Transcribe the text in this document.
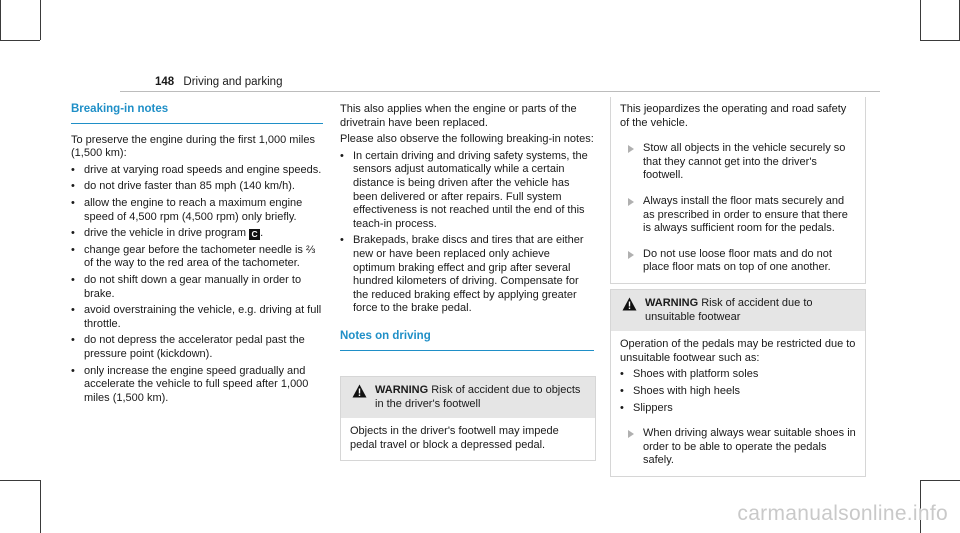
148 Driving and parking
Breaking-in notes

To preserve the engine during the first 1,000 miles (1,500 km):

• drive at varying road speeds and engine speeds.
• do not drive faster than 85 mph (140 km/h).
• allow the engine to reach a maximum engine speed of 4,500 rpm (4,500 rpm) only briefly.
• drive the vehicle in drive program C .
• change gear before the tachometer needle is ⅔ of the way to the red area of the tachometer.
• do not shift down a gear manually in order to brake.
• avoid overstraining the vehicle, e.g. driving at full throttle.
• do not depress the accelerator pedal past the pressure point (kickdown).
• only increase the engine speed gradually and accelerate the vehicle to full speed after 1,000 miles (1,500 km).

This also applies when the engine or parts of the drivetrain have been replaced.

Please also observe the following breaking-in notes:

• In certain driving and driving safety systems, the sensors adjust automatically while a certain distance is being driven after the vehicle has been delivered or after repairs. Full system effectiveness is not reached until the end of this teach-in process.
• Brakepads, brake discs and tires that are either new or have been replaced only achieve optimum braking effect and grip after several hundred kilometers of driving. Compensate for the reduced braking effect by applying greater force to the brake pedal.
Notes on driving
WARNING Risk of accident due to objects in the driver's footwell
Objects in the driver's footwell may impede pedal travel or block a depressed pedal.

This jeopardizes the operating and road safety of the vehicle.

Stow all objects in the vehicle securely so that they cannot get into the driver's footwell.
Always install the floor mats securely and as prescribed in order to ensure that there is always sufficient room for the pedals.
Do not use loose floor mats and do not place floor mats on top of one another.
WARNING Risk of accident due to unsuitable footwear

Operation of the pedals may be restricted due to unsuitable footwear such as:

• Shoes with platform soles
• Shoes with high heels
• Slippers
When driving always wear suitable shoes in order to be able to operate the pedals safely.
carmanualsonline.info
